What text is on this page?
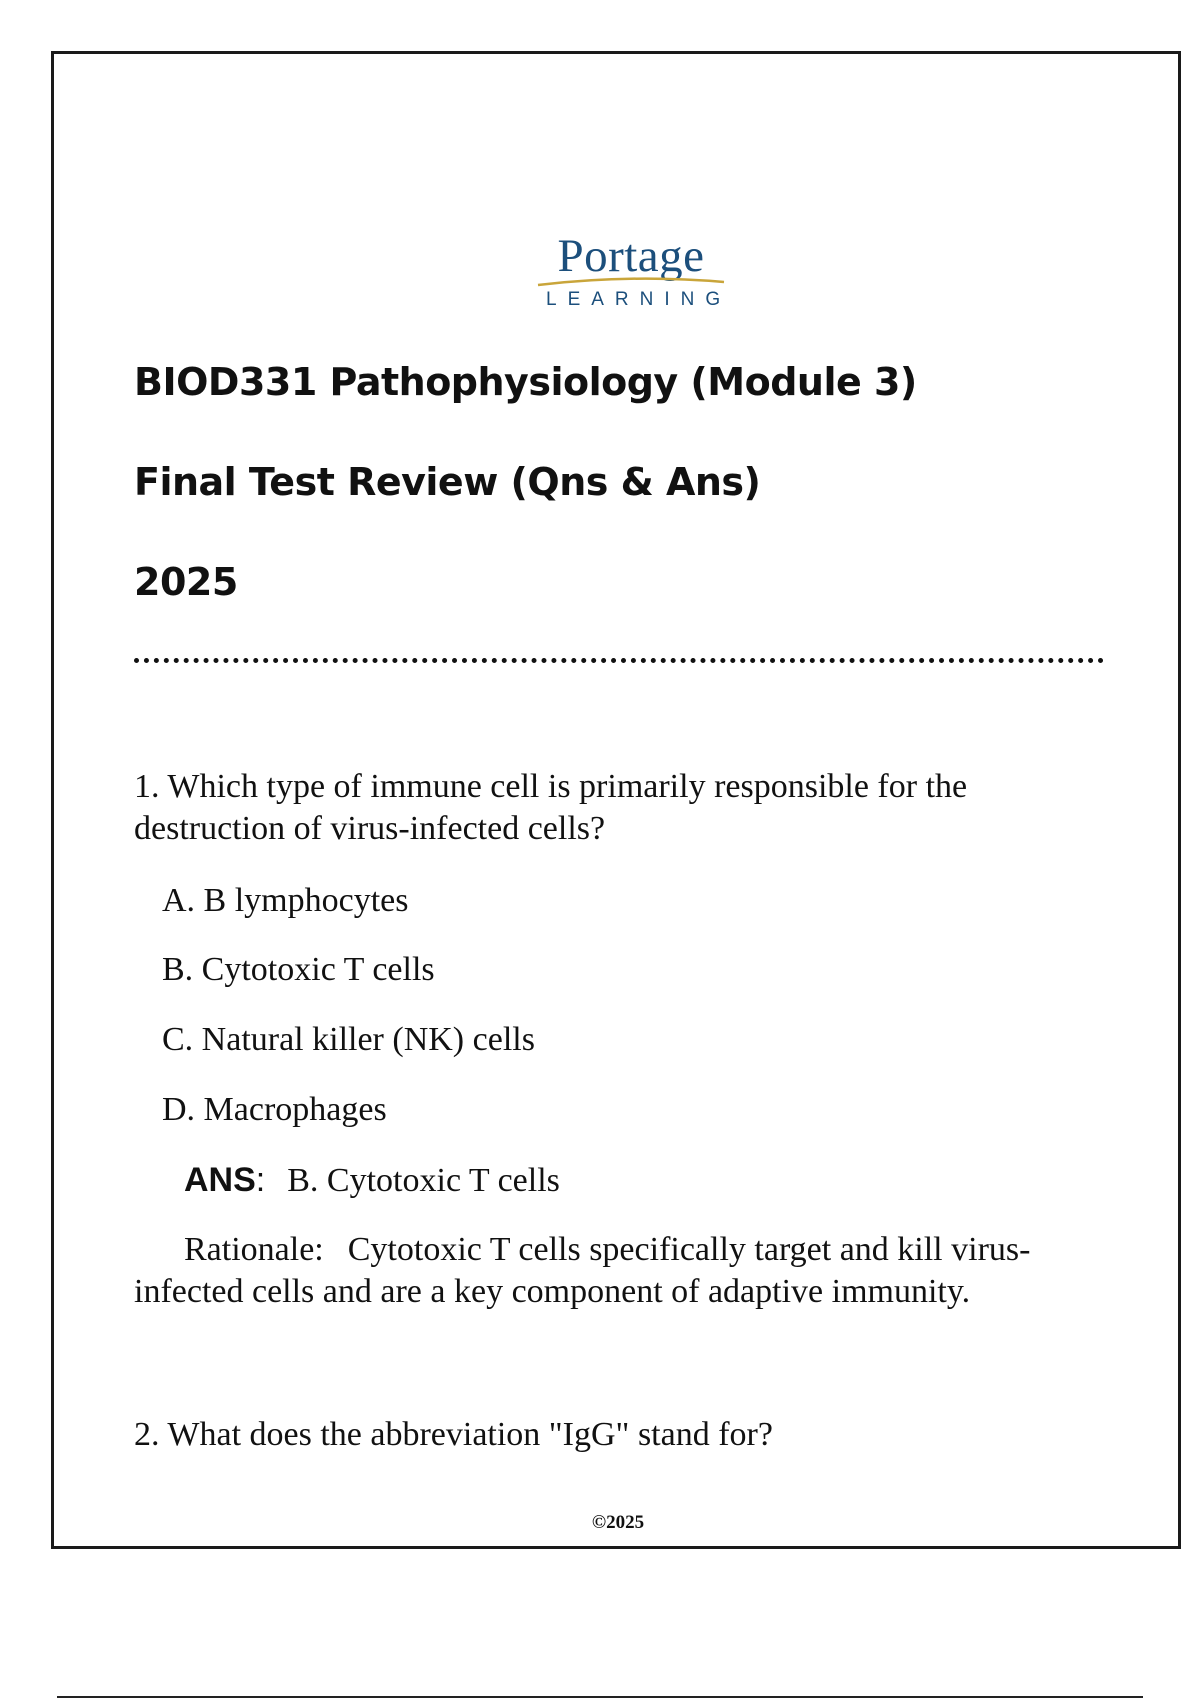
Portage
LEARNING
BIOD331 Pathophysiology (Module 3)
Final Test Review (Qns & Ans)
2025
1. Which type of immune cell is primarily responsible for the destruction of virus-infected cells?
A. B lymphocytes
B. Cytotoxic T cells
C. Natural killer (NK) cells
D. Macrophages
ANS: B. Cytotoxic T cells
Rationale: Cytotoxic T cells specifically target and kill virus-infected cells and are a key component of adaptive immunity.
2. What does the abbreviation "IgG" stand for?
©2025
